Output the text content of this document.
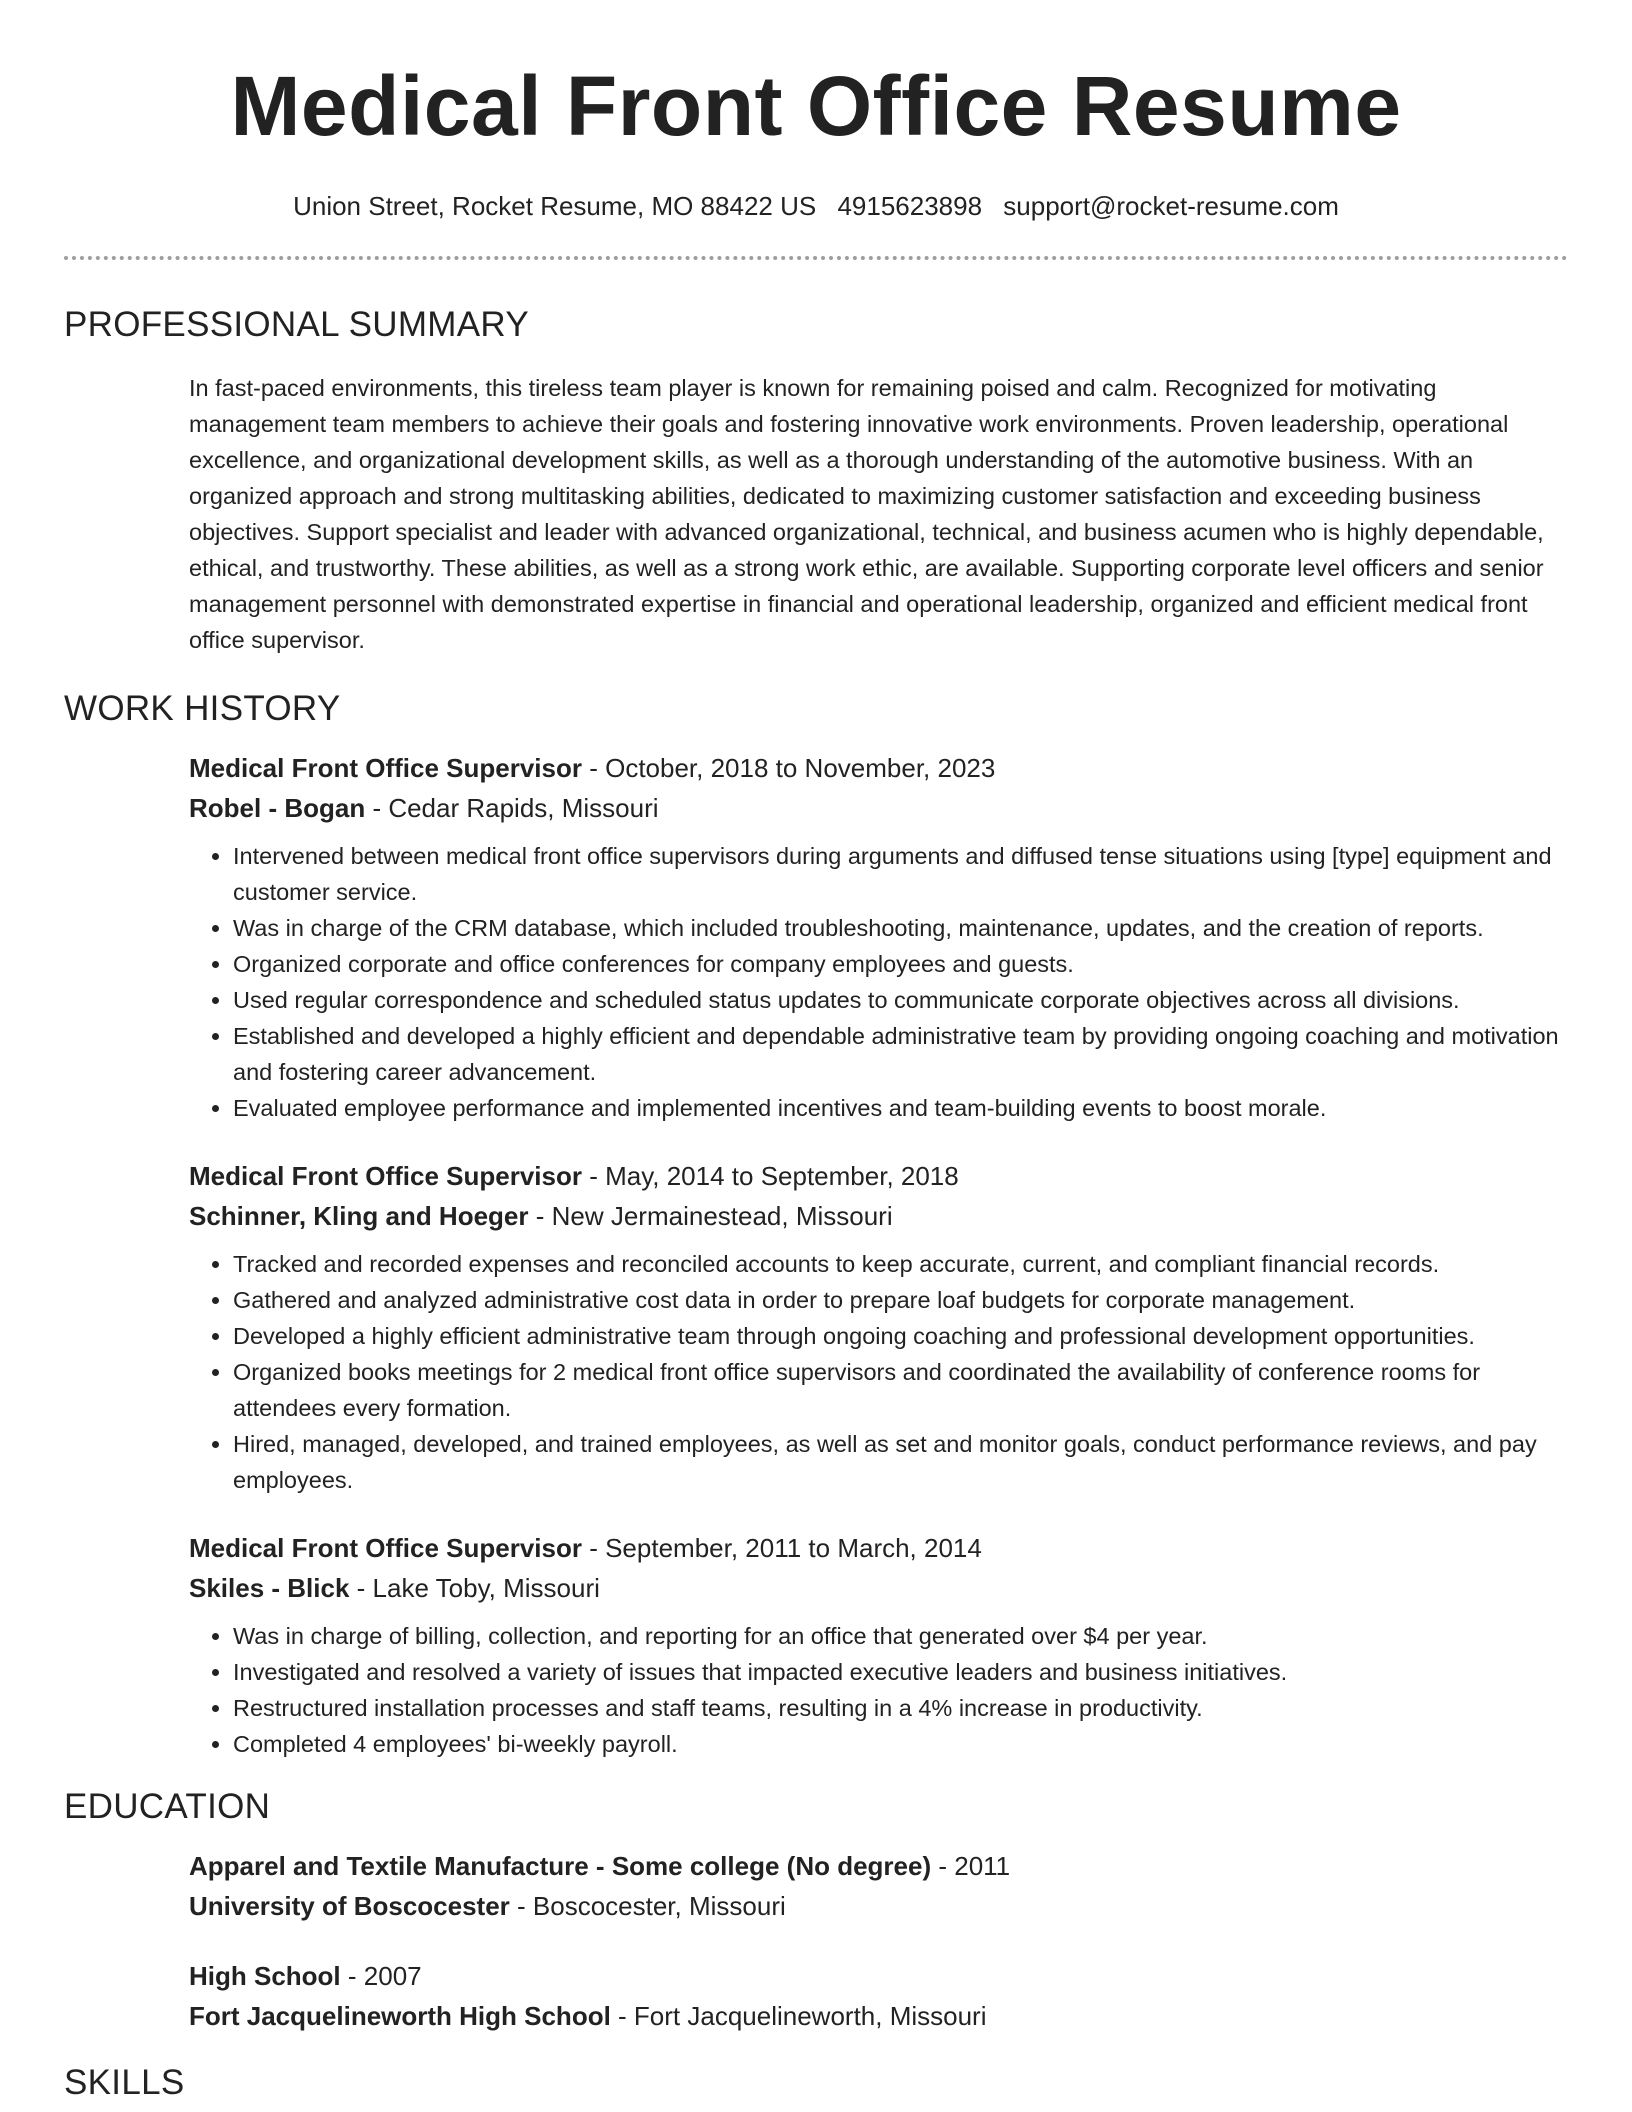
Medical Front Office Resume
Union Street, Rocket Resume, MO 88422 US 4915623898 support@rocket-resume.com
PROFESSIONAL SUMMARY

In fast-paced environments, this tireless team player is known for remaining poised and calm. Recognized for motivating management team members to achieve their goals and fostering innovative work environments. Proven leadership, operational excellence, and organizational development skills, as well as a thorough understanding of the automotive business. With an organized approach and strong multitasking abilities, dedicated to maximizing customer satisfaction and exceeding business objectives. Support specialist and leader with advanced organizational, technical, and business acumen who is highly dependable, ethical, and trustworthy. These abilities, as well as a strong work ethic, are available. Supporting corporate level officers and senior management personnel with demonstrated expertise in financial and operational leadership, organized and efficient medical front office supervisor.

WORK HISTORY
Medical Front Office Supervisor - October, 2018 to November, 2023
Robel - Bogan - Cedar Rapids, Missouri
• Intervened between medical front office supervisors during arguments and diffused tense situations using [type] equipment and customer service.
• Was in charge of the CRM database, which included troubleshooting, maintenance, updates, and the creation of reports.
• Organized corporate and office conferences for company employees and guests.
• Used regular correspondence and scheduled status updates to communicate corporate objectives across all divisions.
• Established and developed a highly efficient and dependable administrative team by providing ongoing coaching and motivation and fostering career advancement.
• Evaluated employee performance and implemented incentives and team-building events to boost morale.
Medical Front Office Supervisor - May, 2014 to September, 2018
Schinner, Kling and Hoeger - New Jermainestead, Missouri
• Tracked and recorded expenses and reconciled accounts to keep accurate, current, and compliant financial records.
• Gathered and analyzed administrative cost data in order to prepare loaf budgets for corporate management.
• Developed a highly efficient administrative team through ongoing coaching and professional development opportunities.
• Organized books meetings for 2 medical front office supervisors and coordinated the availability of conference rooms for attendees every formation.
• Hired, managed, developed, and trained employees, as well as set and monitor goals, conduct performance reviews, and pay employees.
Medical Front Office Supervisor - September, 2011 to March, 2014
Skiles - Blick - Lake Toby, Missouri
• Was in charge of billing, collection, and reporting for an office that generated over $4 per year.
• Investigated and resolved a variety of issues that impacted executive leaders and business initiatives.
• Restructured installation processes and staff teams, resulting in a 4% increase in productivity.
• Completed 4 employees' bi-weekly payroll.
EDUCATION
Apparel and Textile Manufacture - Some college (No degree) - 2011
University of Boscocester - Boscocester, Missouri
High School - 2007
Fort Jacquelineworth High School - Fort Jacquelineworth, Missouri
SKILLS
